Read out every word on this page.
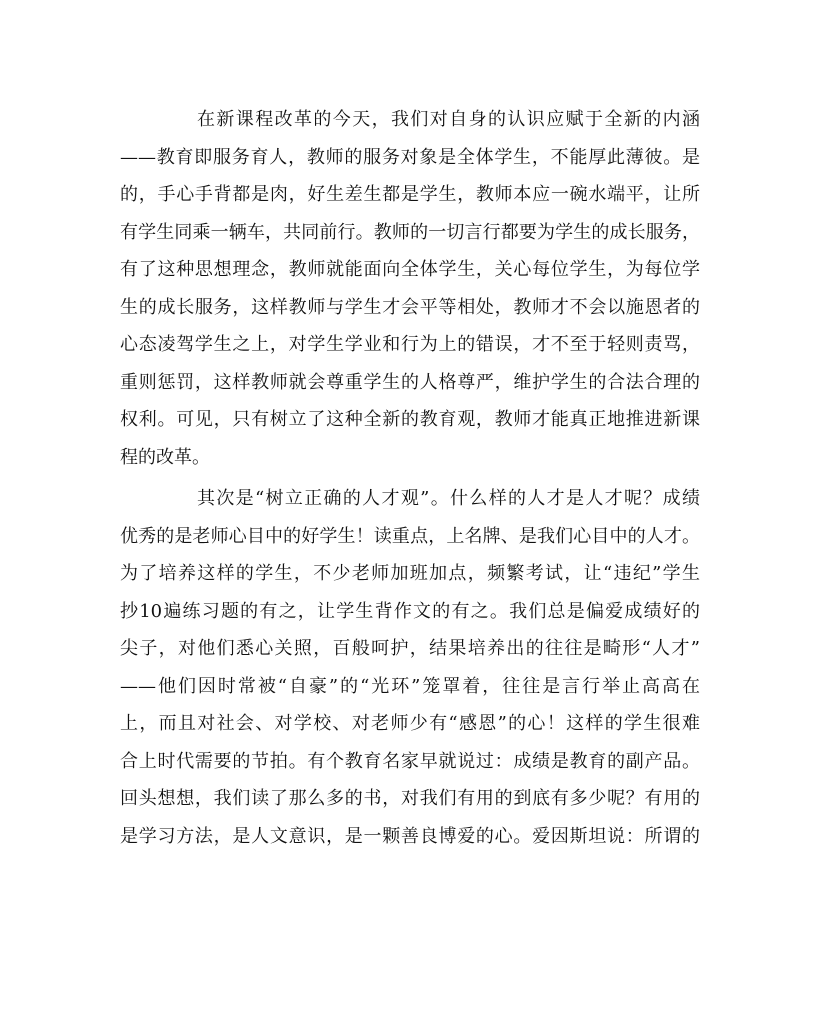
在新课程改革的今天，我们对自身的认识应赋于全新的内涵
——教育即服务育人，教师的服务对象是全体学生，不能厚此薄彼。是
的，手心手背都是肉，好生差生都是学生，教师本应一碗水端平，让所
有学生同乘一辆车，共同前行。教师的一切言行都要为学生的成长服务，
有了这种思想理念，教师就能面向全体学生，关心每位学生，为每位学
生的成长服务，这样教师与学生才会平等相处，教师才不会以施恩者的
心态凌驾学生之上，对学生学业和行为上的错误，才不至于轻则责骂，
重则惩罚，这样教师就会尊重学生的人格尊严，维护学生的合法合理的
权利。可见，只有树立了这种全新的教育观，教师才能真正地推进新课
程的改革。
其次是“树立正确的人才观”。什么样的人才是人才呢？成绩
优秀的是老师心目中的好学生！读重点，上名牌、是我们心目中的人才。
为了培养这样的学生，不少老师加班加点，频繁考试，让“违纪”学生
抄10遍练习题的有之，让学生背作文的有之。我们总是偏爱成绩好的
尖子，对他们悉心关照，百般呵护，结果培养出的往往是畸形“人才”
——他们因时常被“自豪”的“光环”笼罩着，往往是言行举止高高在
上，而且对社会、对学校、对老师少有“感恩”的心！这样的学生很难
合上时代需要的节拍。有个教育名家早就说过：成绩是教育的副产品。
回头想想，我们读了那么多的书，对我们有用的到底有多少呢？有用的
是学习方法，是人文意识，是一颗善良博爱的心。爱因斯坦说：所谓的
